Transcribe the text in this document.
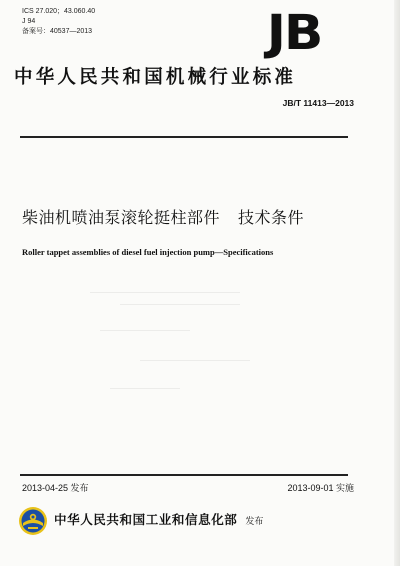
ICS 27.020；43.060.40
J 94
备案号：40537—2013	JB
中华人民共和国机械行业标准
JB/T 11413—2013
柴油机喷油泵滚轮挺柱部件 技术条件
Roller tappet assemblies of diesel fuel injection pump—Specifications
2013-04-25 发布	2013-09-01 实施
中华人民共和国工业和信息化部 发布
